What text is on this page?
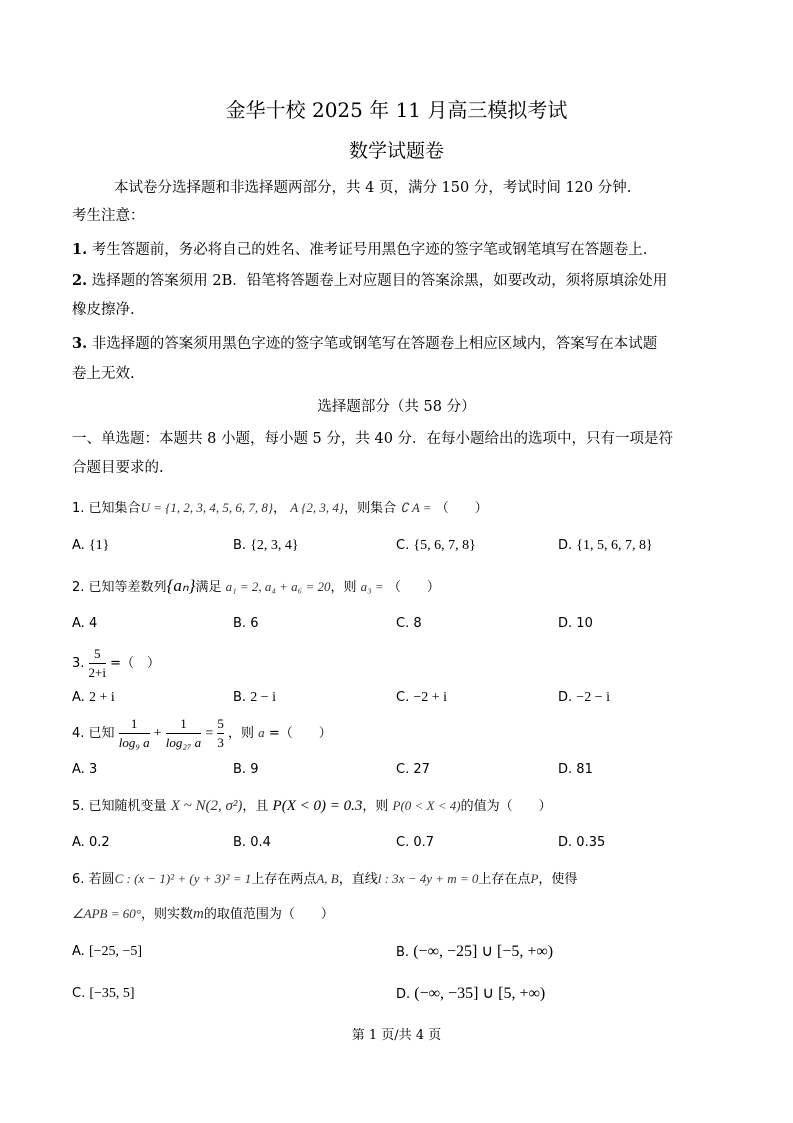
金华十校 2025 年 11 月高三模拟考试
数学试题卷
本试卷分选择题和非选择题两部分，共 4 页，满分 150 分，考试时间 120 分钟.
考生注意：
1. 考生答题前，务必将自己的姓名、准考证号用黑色字迹的签字笔或钢笔填写在答题卷上.
2. 选择题的答案须用 2B．铅笔将答题卷上对应题目的答案涂黑，如要改动，须将原填涂处用
橡皮擦净.
3. 非选择题的答案须用黑色字迹的签字笔或钢笔写在答题卷上相应区域内，答案写在本试题
卷上无效.
选择题部分（共 58 分）
一、单选题：本题共 8 小题，每小题 5 分，共 40 分．在每小题给出的选项中，只有一项是符
合题目要求的.
1. 已知集合U = {1, 2, 3, 4, 5, 6, 7, 8}， A {2, 3, 4}，则集合 ∁ A = （　　）
A. {1}	B. {2, 3, 4}	C. {5, 6, 7, 8}	D. {1, 5, 6, 7, 8}
2. 已知等差数列{aₙ}满足 a₁ = 2, a₄ + a₆ = 20，则 a₃ = （　　）
A. 4	B. 6	C. 8	D. 10
3. $\frac{5}{2+i}$ =（　）
A. 2 + i	B. 2 − i	C. −2 + i	D. −2 − i
4. 已知 $\frac{1}{\text{log₉ a}} + \frac{1}{\text{log₂₇ a}} = \frac{5}{3}$ ，则 a =（　　）
A. 3	B. 9	C. 27	D. 81
5. 已知随机变量 X ~ N(2, σ²)，且 P(X < 0) = 0.3，则 P(0 < X < 4)的值为（　　）
A. 0.2	B. 0.4	C. 0.7	D. 0.35
6. 若圆C : (x − 1)² + (y + 3)² = 1上存在两点A, B，直线l : 3x − 4y + m = 0上存在点P，使得
∠APB = 60°，则实数m的取值范围为（　　）
A. [−25, −5]	B. (−∞, −25] ∪ [−5, +∞)
C. [−35, 5]	D. (−∞, −35] ∪ [5, +∞)
第 1 页/共 4 页
